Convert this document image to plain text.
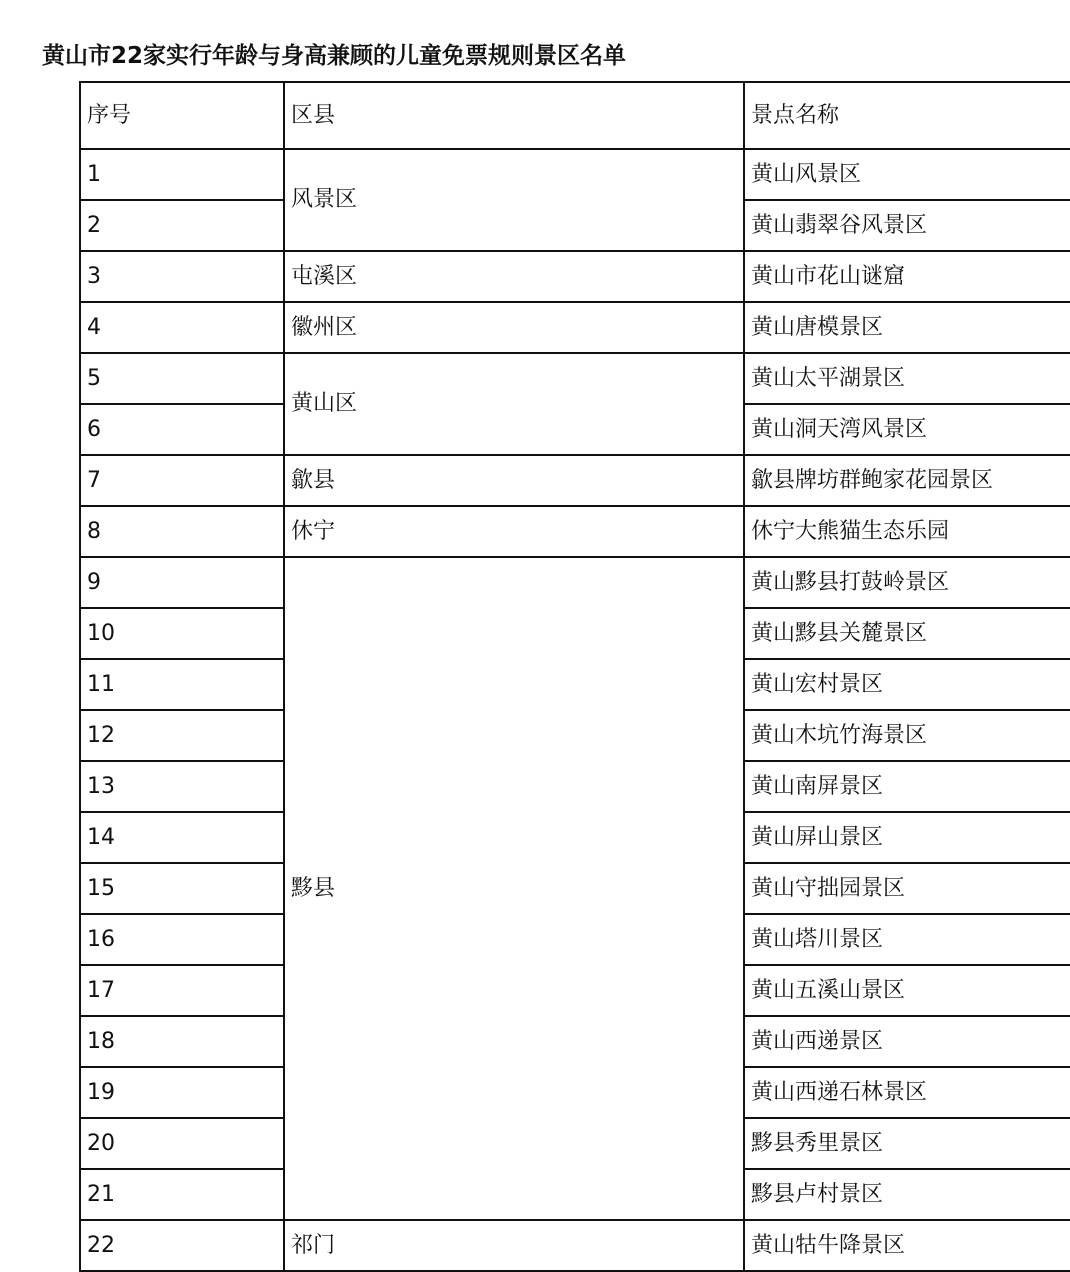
黄山市22家实行年龄与身高兼顾的儿童免票规则景区名单
序号	区县	景点名称
1	风景区	黄山风景区
2		黄山翡翠谷风景区
3	屯溪区	黄山市花山谜窟
4	徽州区	黄山唐模景区
5	黄山区	黄山太平湖景区
6		黄山洞天湾风景区
7	歙县	歙县牌坊群鲍家花园景区
8	休宁	休宁大熊猫生态乐园
9	黟县	黄山黟县打鼓岭景区
10		黄山黟县关麓景区
11		黄山宏村景区
12		黄山木坑竹海景区
13		黄山南屏景区
14		黄山屏山景区
15		黄山守拙园景区
16		黄山塔川景区
17		黄山五溪山景区
18		黄山西递景区
19		黄山西递石林景区
20		黟县秀里景区
21		黟县卢村景区
22	祁门	黄山牯牛降景区
